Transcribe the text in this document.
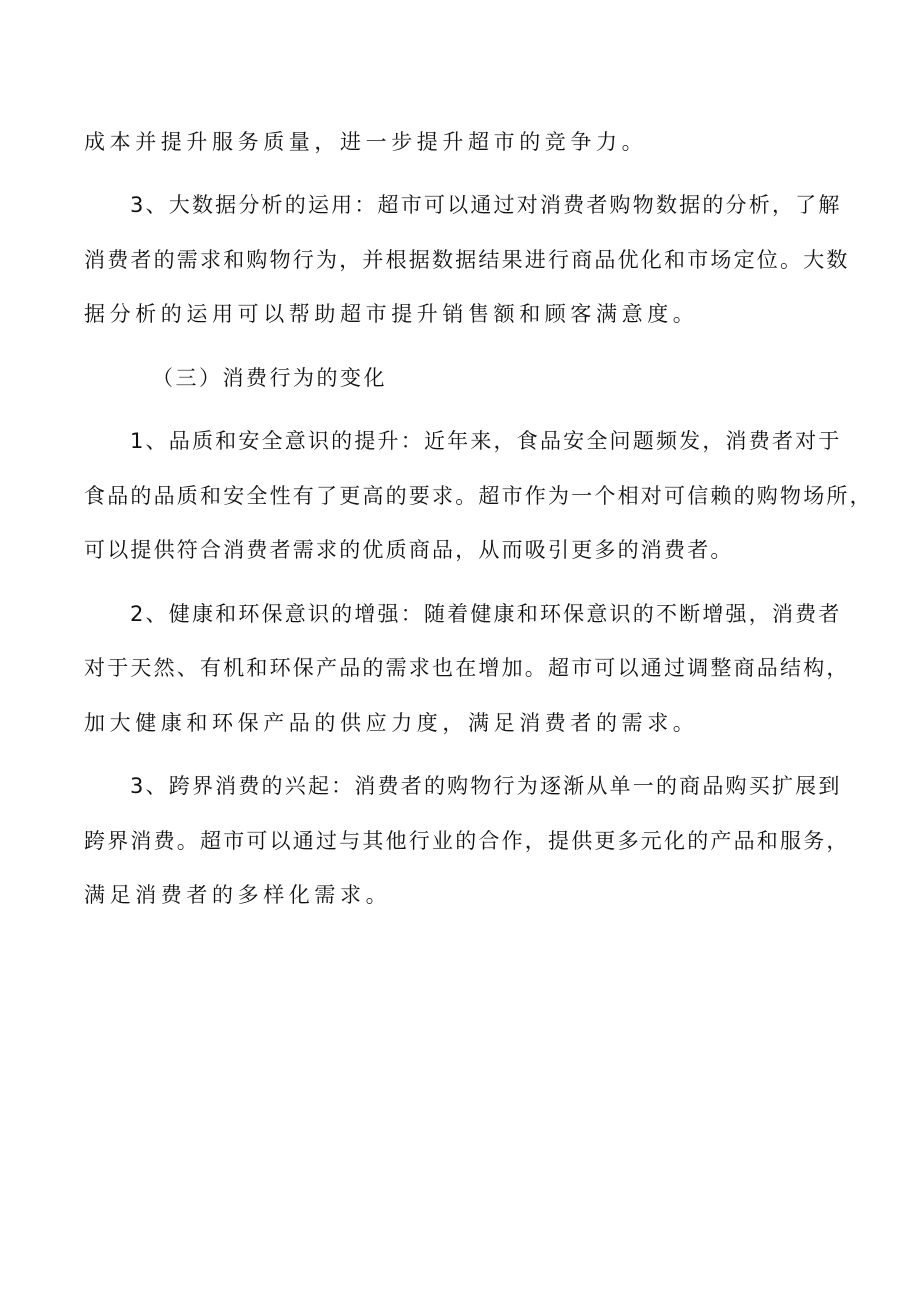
成本并提升服务质量，进一步提升超市的竞争力。
3、大数据分析的运用：超市可以通过对消费者购物数据的分析，了解
消费者的需求和购物行为，并根据数据结果进行商品优化和市场定位。大数
据分析的运用可以帮助超市提升销售额和顾客满意度。
（三）消费行为的变化
1、品质和安全意识的提升：近年来，食品安全问题频发，消费者对于
食品的品质和安全性有了更高的要求。超市作为一个相对可信赖的购物场所，
可以提供符合消费者需求的优质商品，从而吸引更多的消费者。
2、健康和环保意识的增强：随着健康和环保意识的不断增强，消费者
对于天然、有机和环保产品的需求也在增加。超市可以通过调整商品结构，
加大健康和环保产品的供应力度，满足消费者的需求。
3、跨界消费的兴起：消费者的购物行为逐渐从单一的商品购买扩展到
跨界消费。超市可以通过与其他行业的合作，提供更多元化的产品和服务，
满足消费者的多样化需求。
